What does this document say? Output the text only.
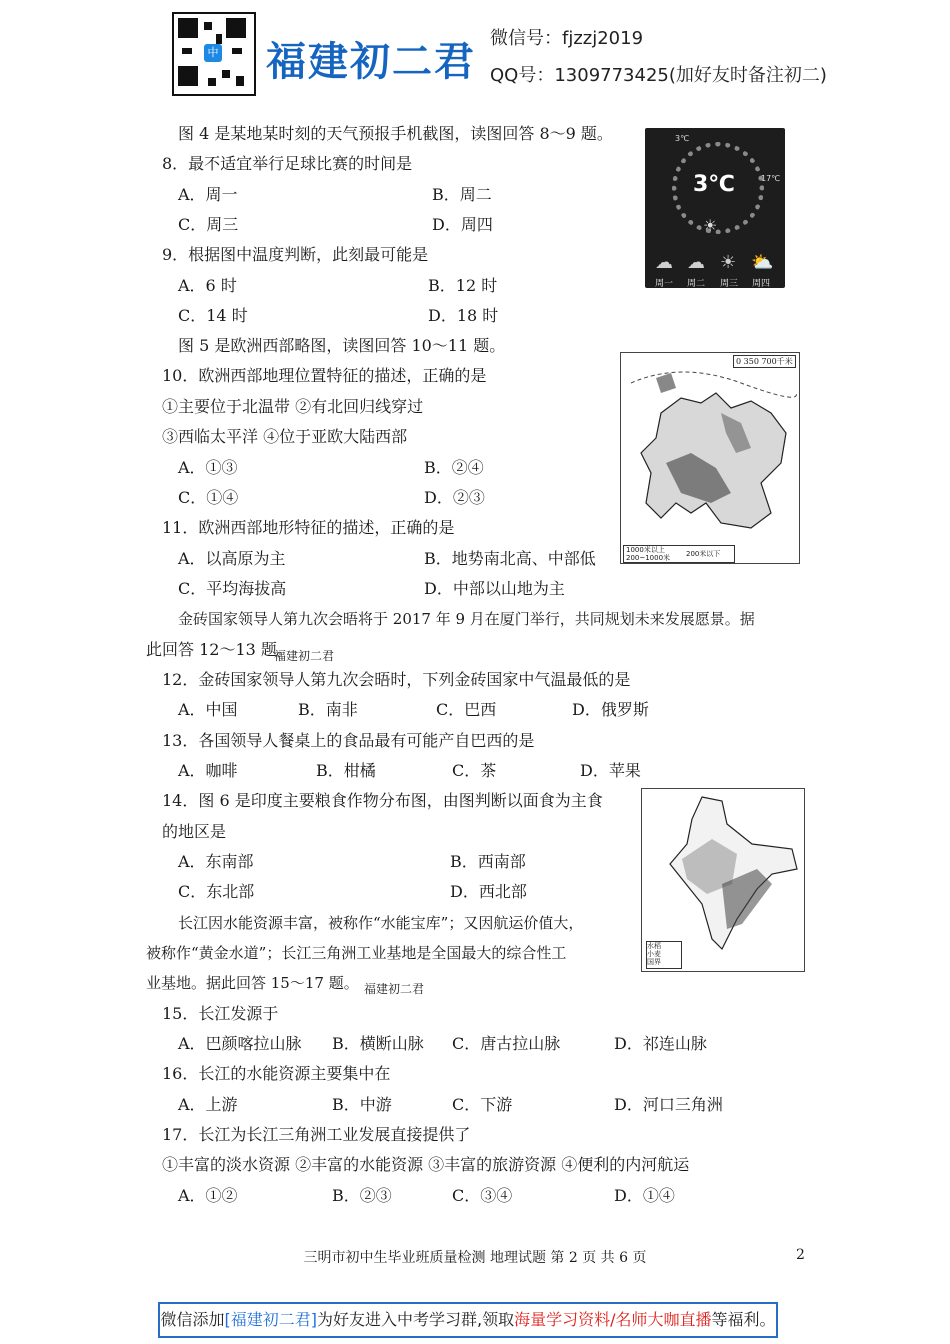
中 福建初二君
微信号：fjzzj2019
QQ号：1309773425(加好友时备注初二)
3℃
17℃
3℃
☀
☁ ☁ ☀ ⛅
周一 周二 周三 周四
0 350 700千米
1000米以上
200~1000米 200米以下
水稻
小麦
国界
图 4 是某地某时刻的天气预报手机截图，读图回答 8～9 题。
8．最不适宜举行足球比赛的时间是
A．周一	B．周二
C．周三	D．周四
9．根据图中温度判断，此刻最可能是
A．6 时	B．12 时
C．14 时	D．18 时
图 5 是欧洲西部略图，读图回答 10～11 题。
10．欧洲西部地理位置特征的描述，正确的是
①主要位于北温带 ②有北回归线穿过
③西临太平洋 ④位于亚欧大陆西部
A．①③	B．②④
C．①④	D．②③
11．欧洲西部地形特征的描述，正确的是
A．以高原为主	B．地势南北高、中部低
C．平均海拔高	D．中部以山地为主
金砖国家领导人第九次会晤将于 2017 年 9 月在厦门举行，共同规划未来发展愿景。据
此回答 12～13 题。
福建初二君
12．金砖国家领导人第九次会晤时，下列金砖国家中气温最低的是
A．中国	B．南非	C．巴西	D．俄罗斯
13．各国领导人餐桌上的食品最有可能产自巴西的是
A．咖啡	B．柑橘	C．茶	D．苹果
14．图 6 是印度主要粮食作物分布图，由图判断以面食为主食
的地区是
A．东南部	B．西南部
C．东北部	D．西北部
长江因水能资源丰富，被称作“水能宝库”；又因航运价值大，
被称作“黄金水道”；长江三角洲工业基地是全国最大的综合性工
业基地。据此回答 15～17 题。 福建初二君
15．长江发源于
A．巴颜喀拉山脉 B．横断山脉 C．唐古拉山脉	D．祁连山脉
16．长江的水能资源主要集中在
A．上游	B．中游	C．下游	D．河口三角洲
17．长江为长江三角洲工业发展直接提供了
①丰富的淡水资源 ②丰富的水能资源 ③丰富的旅游资源 ④便利的内河航运
A．①②	B．②③	C．③④	D．①④
三明市初中生毕业班质量检测 地理试题 第 2 页 共 6 页	2
微信添加[福建初二君]为好友进入中考学习群,领取海量学习资料/名师大咖直播等福利。
